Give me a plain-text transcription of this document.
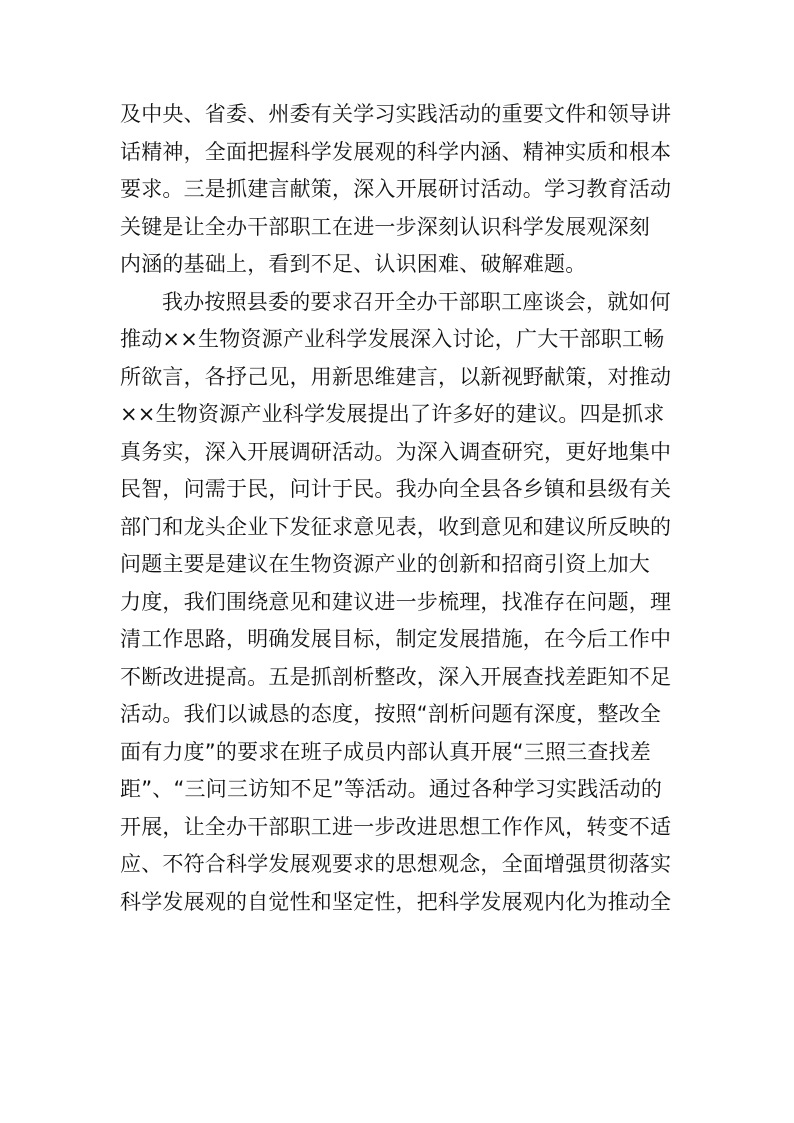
及中央、省委、州委有关学习实践活动的重要文件和领导讲
话精神，全面把握科学发展观的科学内涵、精神实质和根本
要求。三是抓建言献策，深入开展研讨活动。学习教育活动
关键是让全办干部职工在进一步深刻认识科学发展观深刻
内涵的基础上，看到不足、认识困难、破解难题。
我办按照县委的要求召开全办干部职工座谈会，就如何
推动××生物资源产业科学发展深入讨论，广大干部职工畅
所欲言，各抒己见，用新思维建言，以新视野献策，对推动
××生物资源产业科学发展提出了许多好的建议。四是抓求
真务实，深入开展调研活动。为深入调查研究，更好地集中
民智，问需于民，问计于民。我办向全县各乡镇和县级有关
部门和龙头企业下发征求意见表，收到意见和建议所反映的
问题主要是建议在生物资源产业的创新和招商引资上加大
力度，我们围绕意见和建议进一步梳理，找准存在问题，理
清工作思路，明确发展目标，制定发展措施，在今后工作中
不断改进提高。五是抓剖析整改，深入开展查找差距知不足
活动。我们以诚恳的态度，按照“剖析问题有深度，整改全
面有力度”的要求在班子成员内部认真开展“三照三查找差
距”、“三问三访知不足”等活动。通过各种学习实践活动的
开展，让全办干部职工进一步改进思想工作作风，转变不适
应、不符合科学发展观要求的思想观念，全面增强贯彻落实
科学发展观的自觉性和坚定性，把科学发展观内化为推动全
